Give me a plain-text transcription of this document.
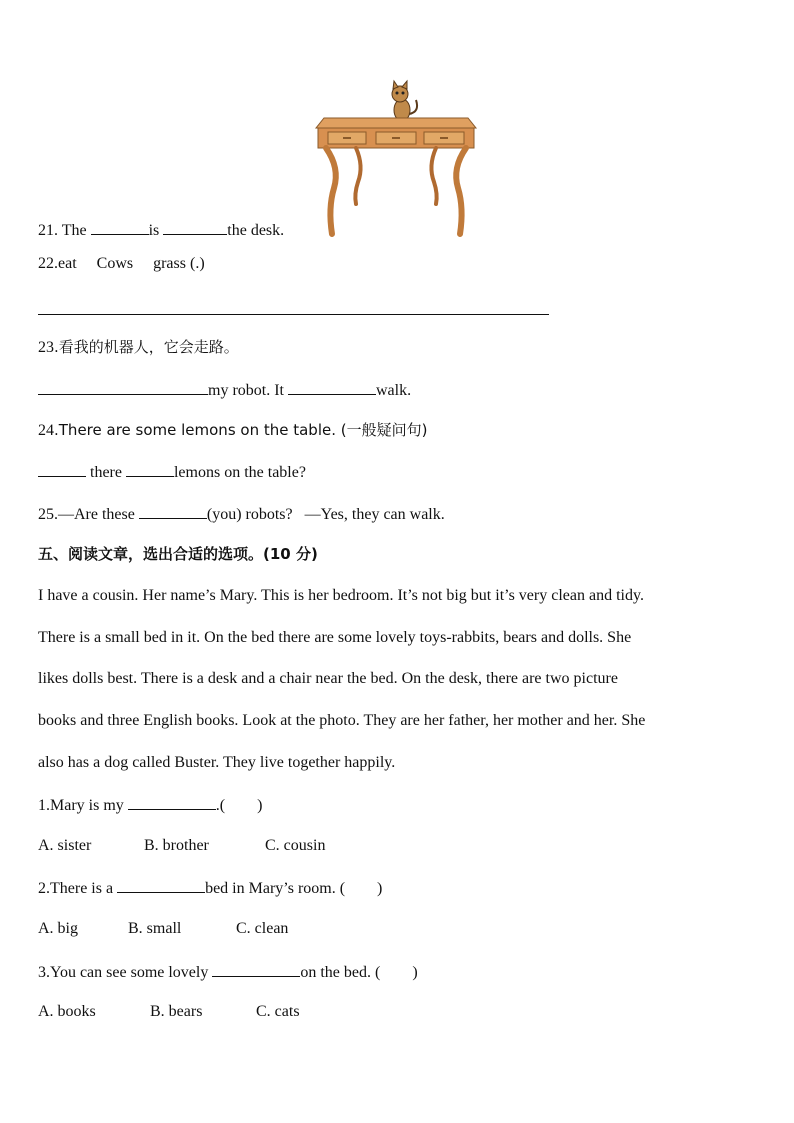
21. The	is	the desk.
22.eat     Cows     grass (.)
23.看我的机器人，它会走路。
my robot. It	walk.
24.There are some lemons on the table. (一般疑问句)
there	lemons on the table?
25.—Are these	(you) robots?   —Yes, they can walk.
五、阅读文章，选出合适的选项。(10 分)
I have a cousin. Her name’s Mary. This is her bedroom. It’s not big but it’s very clean and tidy.
There is a small bed in it. On the bed there are some lovely toys-rabbits, bears and dolls. She
likes dolls best. There is a desk and a chair near the bed. On the desk, there are two picture
books and three English books. Look at the photo. They are her father, her mother and her. She
also has a dog called Buster. They live together happily.
1.Mary is my	.(        )
A. sister	B. brother	C. cousin
2.There is a	bed in Mary’s room. (        )
A. big	B. small	C. clean
3.You can see some lovely	on the bed. (        )
A. books	B. bears	C. cats
